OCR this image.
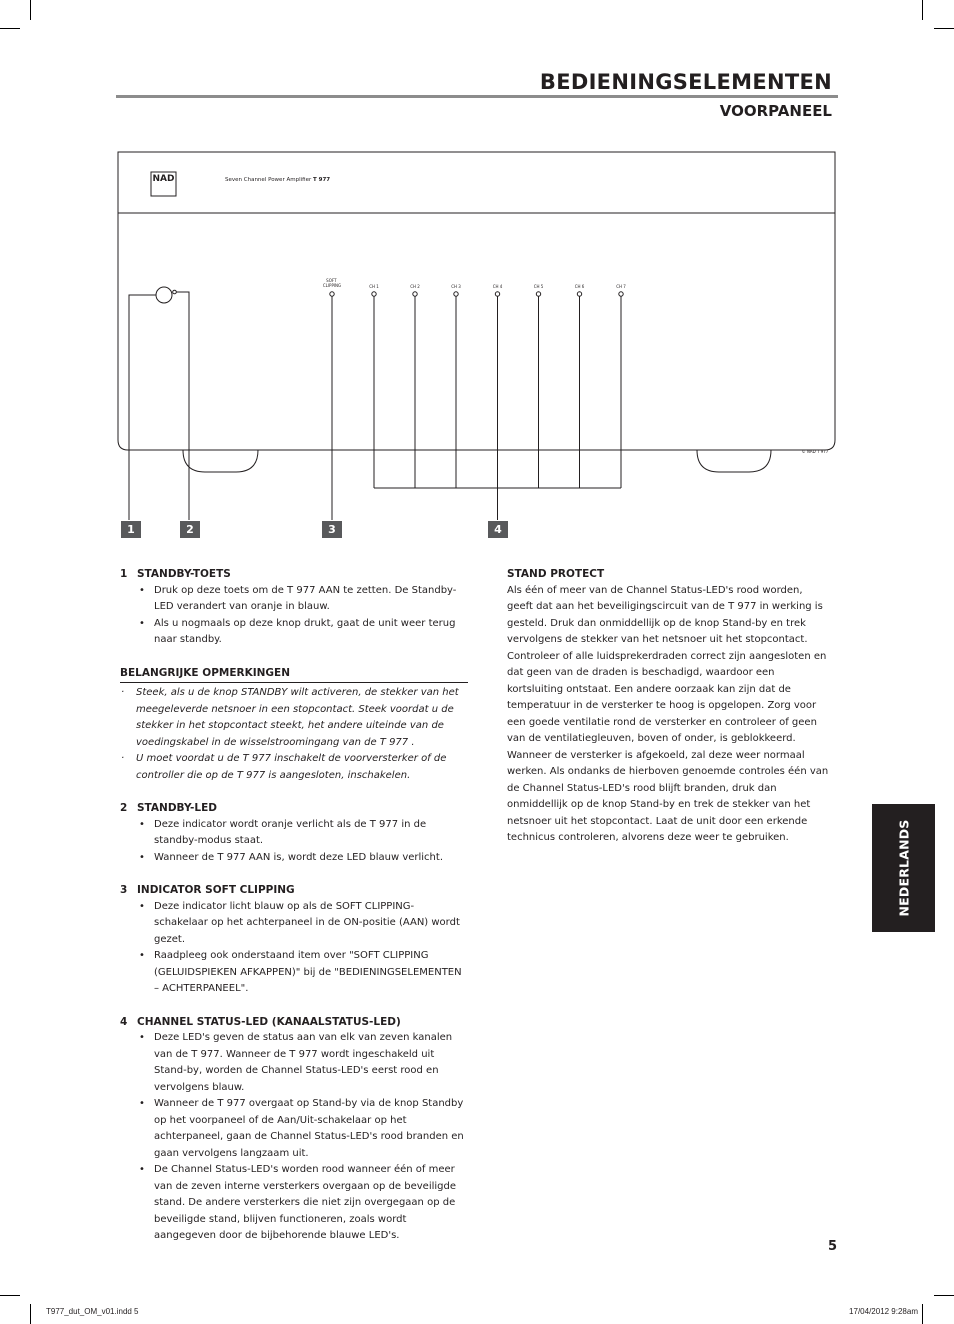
BEDIENINGSELEMENTEN
VOORPANEEL
NAD	Seven Channel Power Amplifier T 977
SOFT CLIPPING	CH 1	CH 2	CH 3	CH 4	CH 5	CH 6	CH 7
© NAD T 977
1	2	3	4
1 STANDBY-TOETS
• Druk op deze toets om de T 977 AAN te zetten. De Standby-LED verandert van oranje in blauw.
• Als u nogmaals op deze knop drukt, gaat de unit weer terug naar standby.
BELANGRIJKE OPMERKINGEN
· Steek, als u de knop STANDBY wilt activeren, de stekker van het meegeleverde netsnoer in een stopcontact. Steek voordat u de stekker in het stopcontact steekt, het andere uiteinde van de voedingskabel in de wisselstroomingang van de T 977 .
· U moet voordat u de T 977 inschakelt de voorversterker of de controller die op de T 977 is aangesloten, inschakelen.
2 STANDBY-LED
• Deze indicator wordt oranje verlicht als de T 977 in de standby-modus staat.
• Wanneer de T 977 AAN is, wordt deze LED blauw verlicht.
3 INDICATOR SOFT CLIPPING
• Deze indicator licht blauw op als de SOFT CLIPPING-schakelaar op het achterpaneel in de ON-positie (AAN) wordt gezet.
• Raadpleeg ook onderstaand item over "SOFT CLIPPING (GELUIDSPIEKEN AFKAPPEN)" bij de "BEDIENINGSELEMENTEN – ACHTERPANEEL".
4 CHANNEL STATUS-LED (KANAALSTATUS-LED)
• Deze LED's geven de status aan van elk van zeven kanalen van de T 977. Wanneer de T 977 wordt ingeschakeld uit Stand-by, worden de Channel Status-LED's eerst rood en vervolgens blauw.
• Wanneer de T 977 overgaat op Stand-by via de knop Standby op het voorpaneel of de Aan/Uit-schakelaar op het achterpaneel, gaan de Channel Status-LED's rood branden en gaan vervolgens langzaam uit.
• De Channel Status-LED's worden rood wanneer één of meer van de zeven interne versterkers overgaan op de beveiligde stand. De andere versterkers die niet zijn overgegaan op de beveiligde stand, blijven functioneren, zoals wordt aangegeven door de bijbehorende blauwe LED's.
STAND PROTECT
Als één of meer van de Channel Status-LED's rood worden, geeft dat aan het beveiligingscircuit van de T 977 in werking is gesteld. Druk dan onmiddellijk op de knop Stand-by en trek vervolgens de stekker van het netsnoer uit het stopcontact. Controleer of alle luidsprekerdraden correct zijn aangesloten en dat geen van de draden is beschadigd, waardoor een kortsluiting ontstaat. Een andere oorzaak kan zijn dat de temperatuur in de versterker te hoog is opgelopen. Zorg voor een goede ventilatie rond de versterker en controleer of geen van de ventilatiegleuven, boven of onder, is geblokkeerd. Wanneer de versterker is afgekoeld, zal deze weer normaal werken. Als ondanks de hierboven genoemde controles één van de Channel Status-LED's rood blijft branden, druk dan onmiddellijk op de knop Stand-by en trek de stekker van het netsnoer uit het stopcontact. Laat de unit door een erkende technicus controleren, alvorens deze weer te gebruiken.	NEDERLANDS
5
T977_dut_OM_v01.indd 5	17/04/2012 9:28am
